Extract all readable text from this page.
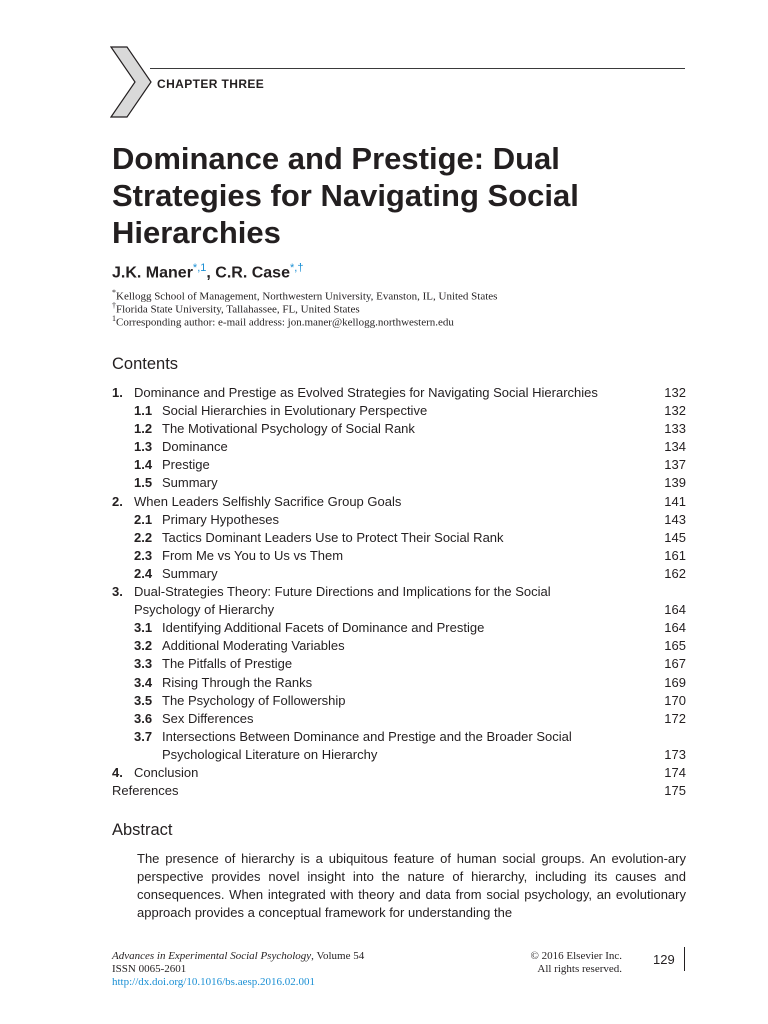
CHAPTER THREE
Dominance and Prestige: Dual Strategies for Navigating Social Hierarchies
J.K. Maner$^{*,1}$, C.R. Case*,†
*Kellogg School of Management, Northwestern University, Evanston, IL, United States
†Florida State University, Tallahassee, FL, United States
$^1$Corresponding author: e-mail address: jon.maner@kellogg.northwestern.edu
Contents
1. Dominance and Prestige as Evolved Strategies for Navigating Social Hierarchies	132
1.1 Social Hierarchies in Evolutionary Perspective	132
1.2 The Motivational Psychology of Social Rank	133
1.3 Dominance	134
1.4 Prestige	137
1.5 Summary	139
2. When Leaders Selfishly Sacrifice Group Goals	141
2.1 Primary Hypotheses	143
2.2 Tactics Dominant Leaders Use to Protect Their Social Rank	145
2.3 From Me vs You to Us vs Them	161
2.4 Summary	162
3. Dual-Strategies Theory: Future Directions and Implications for the Social
Psychology of Hierarchy	164
3.1 Identifying Additional Facets of Dominance and Prestige	164
3.2 Additional Moderating Variables	165
3.3 The Pitfalls of Prestige	167
3.4 Rising Through the Ranks	169
3.5 The Psychology of Followership	170
3.6 Sex Differences	172
3.7 Intersections Between Dominance and Prestige and the Broader Social
Psychological Literature on Hierarchy	173
4. Conclusion	174
References	175
Abstract

The presence of hierarchy is a ubiquitous feature of human social groups. An evolution-ary perspective provides novel insight into the nature of hierarchy, including its causes and consequences. When integrated with theory and data from social psychology, an evolutionary approach provides a conceptual framework for understanding the

Advances in Experimental Social Psychology, Volume 54
ISSN 0065-2601
http://dx.doi.org/10.1016/bs.aesp.2016.02.001
© 2016 Elsevier Inc.
All rights reserved.
129
